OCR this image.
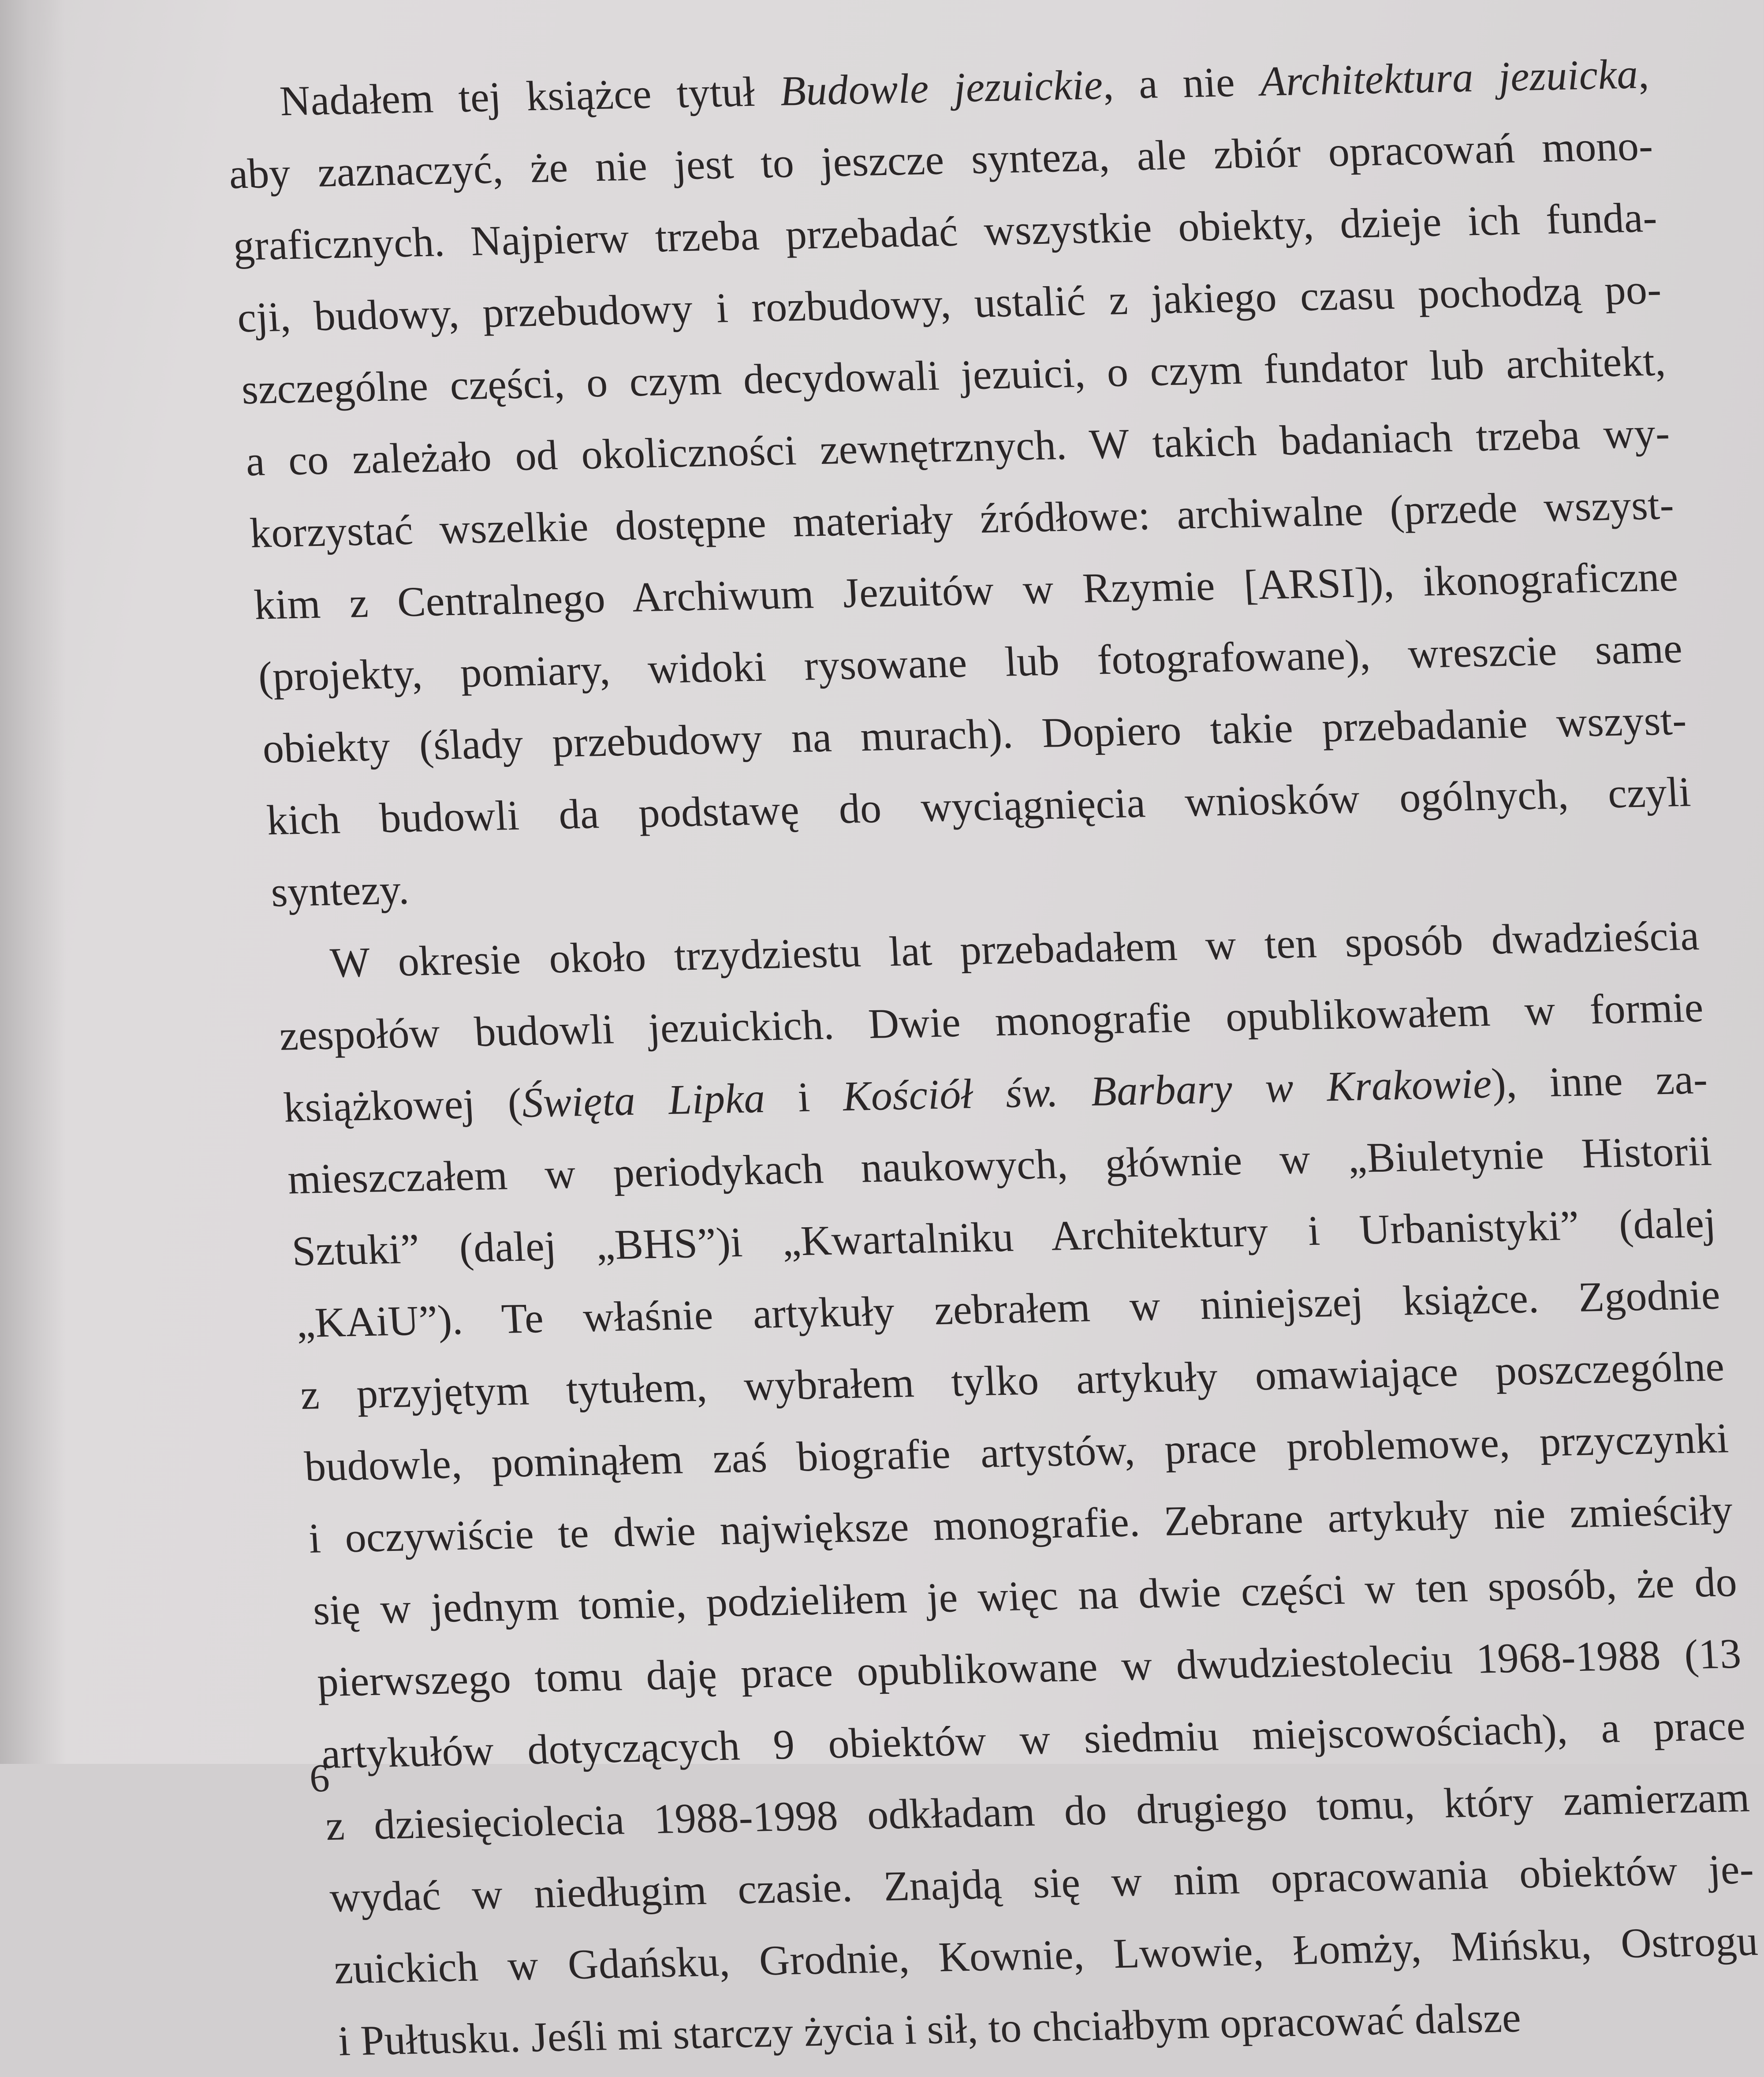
Nadałem tej książce tytuł Budowle jezuickie, a nie Architektura jezuicka,
aby zaznaczyć, że nie jest to jeszcze synteza, ale zbiór opracowań mono-
graficznych. Najpierw trzeba przebadać wszystkie obiekty, dzieje ich funda-
cji, budowy, przebudowy i rozbudowy, ustalić z jakiego czasu pochodzą po-
szczególne części, o czym decydowali jezuici, o czym fundator lub architekt,
a co zależało od okoliczności zewnętrznych. W takich badaniach trzeba wy-
korzystać wszelkie dostępne materiały źródłowe: archiwalne (przede wszyst-
kim z Centralnego Archiwum Jezuitów w Rzymie [ARSI]), ikonograficzne
(projekty, pomiary, widoki rysowane lub fotografowane), wreszcie same
obiekty (ślady przebudowy na murach). Dopiero takie przebadanie wszyst-
kich budowli da podstawę do wyciągnięcia wniosków ogólnych, czyli
syntezy.
W okresie około trzydziestu lat przebadałem w ten sposób dwadzieścia
zespołów budowli jezuickich. Dwie monografie opublikowałem w formie
książkowej (Święta Lipka i Kościół św. Barbary w Krakowie), inne za-
mieszczałem w periodykach naukowych, głównie w „Biuletynie Historii
Sztuki” (dalej „BHS”)i „Kwartalniku Architektury i Urbanistyki” (dalej
„KAiU”). Te właśnie artykuły zebrałem w niniejszej książce. Zgodnie
z przyjętym tytułem, wybrałem tylko artykuły omawiające poszczególne
budowle, pominąłem zaś biografie artystów, prace problemowe, przyczynki
i oczywiście te dwie największe monografie. Zebrane artykuły nie zmieściły
się w jednym tomie, podzieliłem je więc na dwie części w ten sposób, że do
pierwszego tomu daję prace opublikowane w dwudziestoleciu 1968-1988 (13
artykułów dotyczących 9 obiektów w siedmiu miejscowościach), a prace
z dziesięciolecia 1988-1998 odkładam do drugiego tomu, który zamierzam
wydać w niedługim czasie. Znajdą się w nim opracowania obiektów je-
zuickich w Gdańsku, Grodnie, Kownie, Lwowie, Łomży, Mińsku, Ostrogu
i Pułtusku. Jeśli mi starczy życia i sił, to chciałbym opracować dalsze
6
